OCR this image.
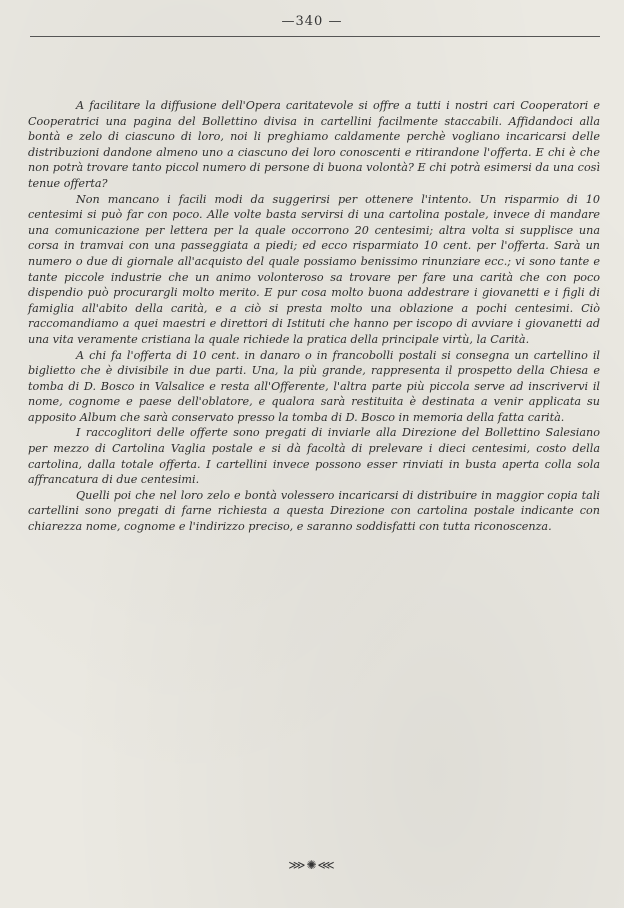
—340 —

A facilitare la diffusione dell'Opera caritatevole si offre a tutti i nostri cari Cooperatori e Cooperatrici una pagina del Bollettino divisa in cartellini facilmente staccabili. Affidandoci alla bontà e zelo di ciascuno di loro, noi li preghiamo caldamente perchè vogliano incaricarsi delle distribuzioni dandone almeno uno a ciascuno dei loro conoscenti e ritirandone l'offerta. E chi è che non potrà trovare tanto piccol numero di persone di buona volontà? E chi potrà esimersi da una così tenue offerta?

Non mancano i facili modi da suggerirsi per ottenere l'intento. Un risparmio di 10 centesimi si può far con poco. Alle volte basta servirsi di una cartolina postale, invece di mandare una comunicazione per lettera per la quale occorrono 20 centesimi; altra volta si supplisce una corsa in tramvai con una passeggiata a piedi; ed ecco risparmiato 10 cent. per l'offerta. Sarà un numero o due di giornale all'acquisto del quale possiamo benissimo rinunziare ecc.; vi sono tante e tante piccole industrie che un animo volonteroso sa trovare per fare una carità che con poco dispendio può procurargli molto merito. E pur cosa molto buona addestrare i giovanetti e i figli di famiglia all'abito della carità, e a ciò si presta molto una oblazione a pochi centesimi. Ciò raccomandiamo a quei maestri e direttori di Istituti che hanno per iscopo di avviare i giovanetti ad una vita veramente cristiana la quale richiede la pratica della principale virtù, la Carità.

A chi fa l'offerta di 10 cent. in danaro o in francobolli postali si consegna un cartellino il biglietto che è divisibile in due parti. Una, la più grande, rappresenta il prospetto della Chiesa e tomba di D. Bosco in Valsalice e resta all'Offerente, l'altra parte più piccola serve ad inscrivervi il nome, cognome e paese dell'oblatore, e qualora sarà restituita è destinata a venir applicata su apposito Album che sarà conservato presso la tomba di D. Bosco in memoria della fatta carità.

I raccoglitori delle offerte sono pregati di inviarle alla Direzione del Bollettino Salesiano per mezzo di Cartolina Vaglia postale e si dà facoltà di prelevare i dieci centesimi, costo della cartolina, dalla totale offerta. I cartellini invece possono esser rinviati in busta aperta colla sola affrancatura di due centesimi.

Quelli poi che nel loro zelo e bontà volessero incaricarsi di distribuire in maggior copia tali cartellini sono pregati di farne richiesta a questa Direzione con cartolina postale indicante con chiarezza nome, cognome e l'indirizzo preciso, e saranno soddisfatti con tutta riconoscenza.

⋙✺⋘
